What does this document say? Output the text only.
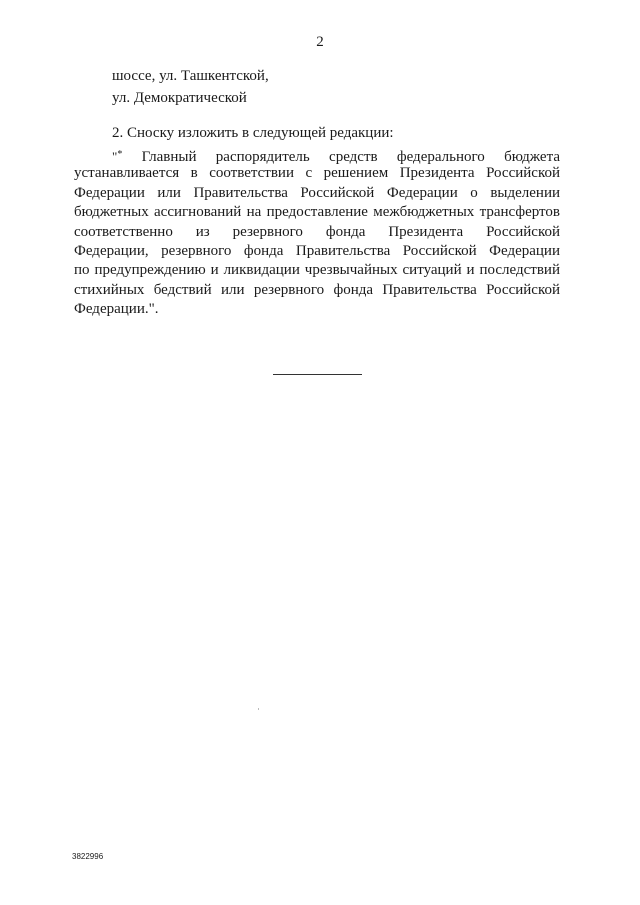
2
шоссе, ул. Ташкентской,
ул. Демократической
2. Сноску изложить в следующей редакции:
"* Главный распорядитель средств федерального бюджета
устанавливается в соответствии с решением Президента Российской
Федерации или Правительства Российской Федерации о выделении
бюджетных ассигнований на предоставление межбюджетных трансфертов
соответственно из резервного фонда Президента Российской
Федерации, резервного фонда Правительства Российской Федерации
по предупреждению и ликвидации чрезвычайных ситуаций и последствий
стихийных бедствий или резервного фонда Правительства Российской
Федерации.".
3822996
